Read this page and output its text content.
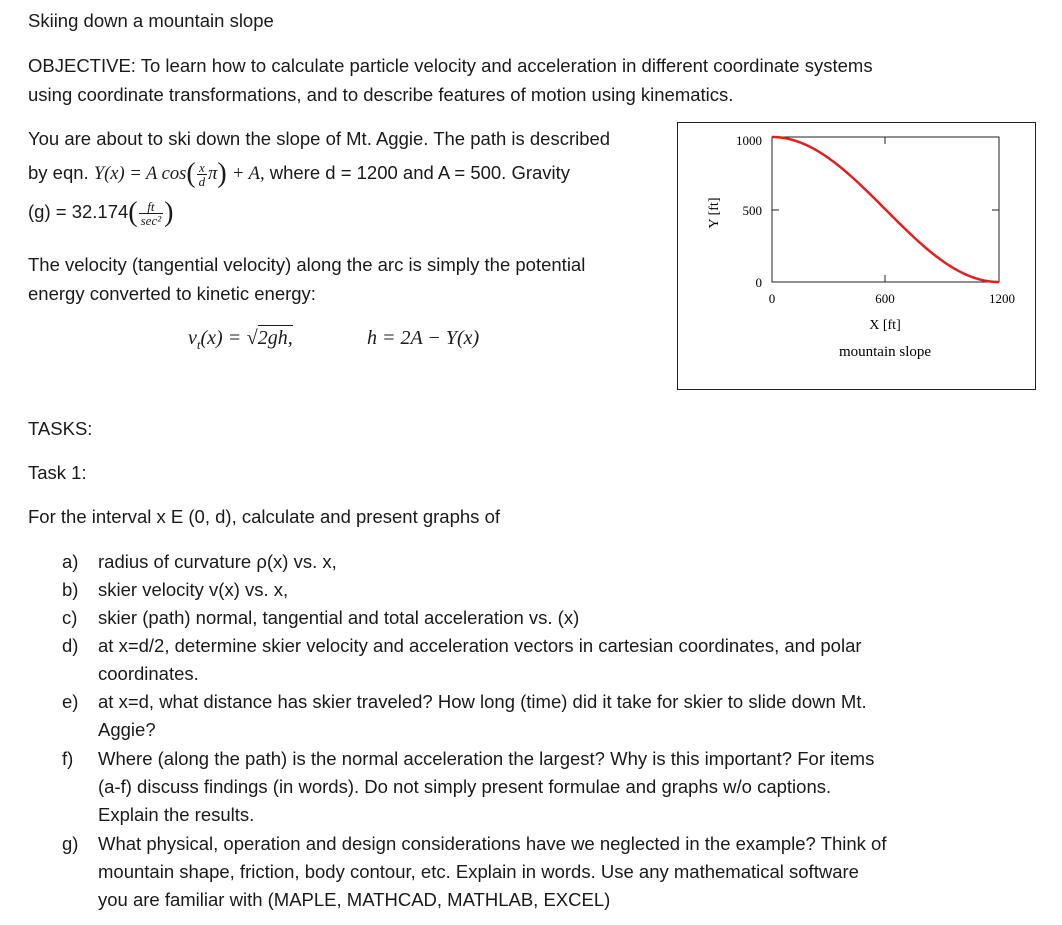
Skiing down a mountain slope
OBJECTIVE: To learn how to calculate particle velocity and acceleration in different coordinate systems
using coordinate transformations, and to describe features of motion using kinematics.
You are about to ski down the slope of Mt. Aggie. The path is described
by eqn. Y(x) = A $\cos( \frac{x}{d} \pi) + A$, where d = 1200 and A = 500. Gravity
$(g) = 32.174( \frac{ft}{\text{sec²}}$ )
The velocity (tangential velocity) along the arc is simply the potential
energy converted to kinetic energy:
$v_t(x) = √2gh$,	h = 2A − Y(x)
1000
500
0
0	600	1200
X [ft]
Y [ft]
mountain slope
TASKS:
Task 1:
For the interval x E (0, d), calculate and present graphs of
a) radius of curvature ρ(x) vs. x,
b) skier velocity v(x) vs. x,
c) skier (path) normal, tangential and total acceleration vs. (x)
d) at x=d/2, determine skier velocity and acceleration vectors in cartesian coordinates, and polar
coordinates.
e) at x=d, what distance has skier traveled? How long (time) did it take for skier to slide down Mt.
Aggie?
f) Where (along the path) is the normal acceleration the largest? Why is this important? For items
(a-f) discuss findings (in words). Do not simply present formulae and graphs w/o captions.
Explain the results.
g) What physical, operation and design considerations have we neglected in the example? Think of
mountain shape, friction, body contour, etc. Explain in words. Use any mathematical software
you are familiar with (MAPLE, MATHCAD, MATHLAB, EXCEL)
